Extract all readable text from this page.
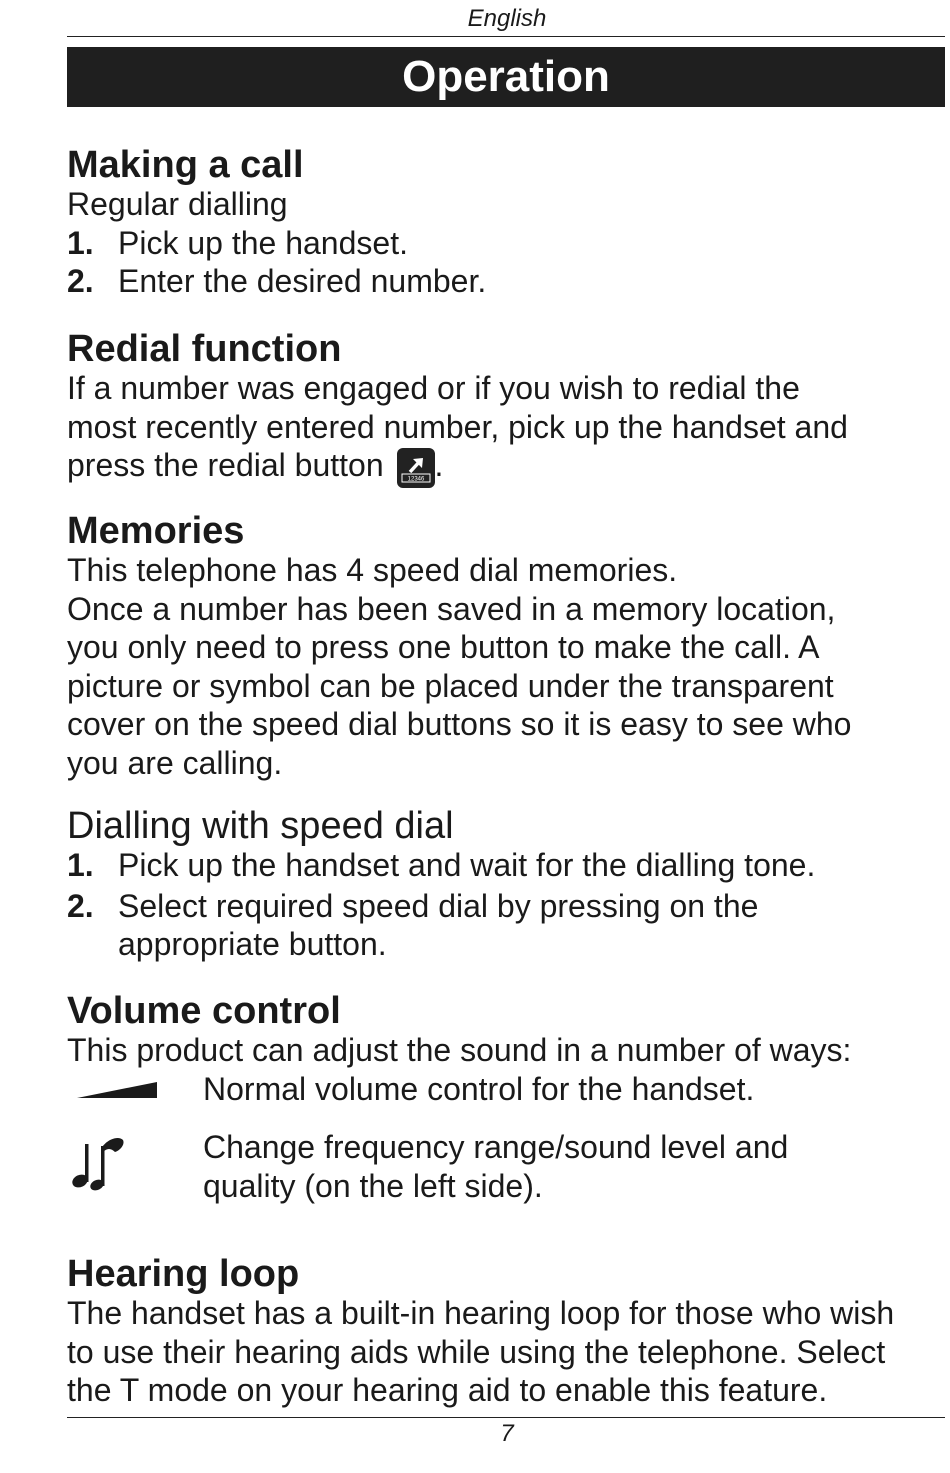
English
Operation
Making a call
Regular dialling
1. Pick up the handset.
2. Enter the desired number.
Redial function
If a number was engaged or if you wish to redial the
most recently entered number, pick up the handset and
press the redial button	12346 .
Memories
This telephone has 4 speed dial memories.
Once a number has been saved in a memory location,
you only need to press one button to make the call. A
picture or symbol can be placed under the transparent
cover on the speed dial buttons so it is easy to see who
you are calling.
Dialling with speed dial
1. Pick up the handset and wait for the dialling tone.
2. Select required speed dial by pressing on the appropriate button.
Volume control
This product can adjust the sound in a number of ways:
Normal volume control for the handset.
Change frequency range/sound level and quality (on the left side).
Hearing loop
The handset has a built-in hearing loop for those who wish
to use their hearing aids while using the telephone. Select
the T mode on your hearing aid to enable this feature.
7
